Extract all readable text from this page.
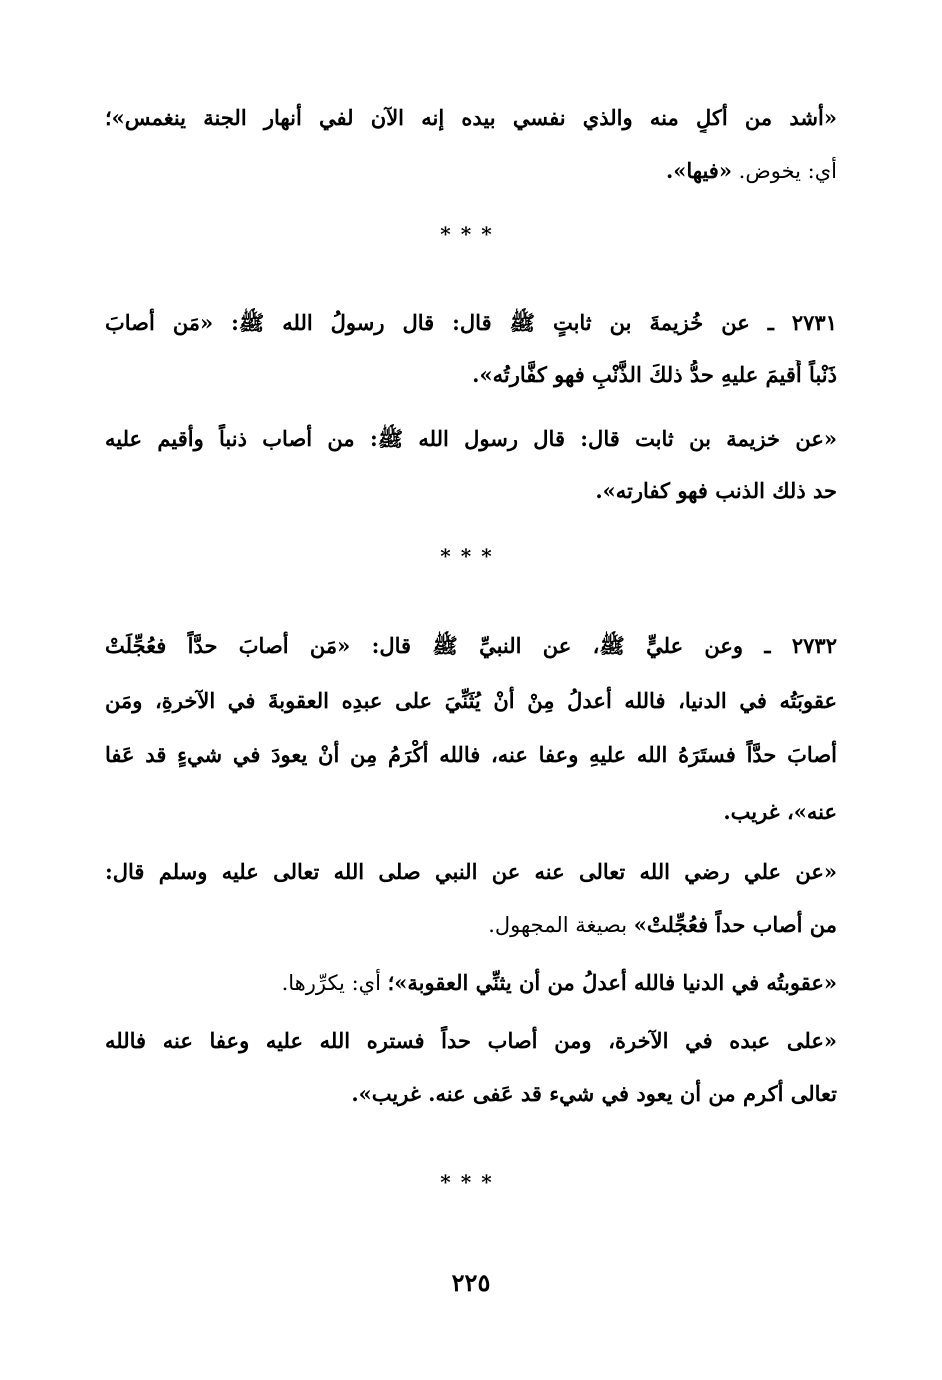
«أشد من أكلٍ منه والذي نفسي بيده إنه الآن لفي أنهار الجنة ينغمس»؛
أي: يخوض. «فيها».
***
٢٧٣١ ـ عن خُزيمةَ بن ثابتٍ ﷺ قال: قال رسولُ الله ﷺ: «مَن أصابَ
ذَنْباً أُقيمَ عليهِ حدُّ ذلكَ الذَّنْبِ فهو كفَّارتُه».
«عن خزيمة بن ثابت قال: قال رسول الله ﷺ: من أصاب ذنباً وأقيم عليه
حد ذلك الذنب فهو كفارته».
***
٢٧٣٢ ـ وعن عليٍّ ﷺ، عن النبيِّ ﷺ قال: «مَن أصابَ حدَّاً فعُجِّلَتْ
عقوبَتُه في الدنيا، فالله أعدلُ مِنْ أنْ يُثَنِّيَ على عبدِه العقوبةَ في الآخرةِ، ومَن
أصابَ حدَّاً فستَرَهُ الله عليهِ وعفا عنه، فالله أكْرَمُ مِن أنْ يعودَ في شيءٍ قد عَفا
عنه»، غريب.
«عن علي رضي الله تعالى عنه عن النبي صلى الله تعالى عليه وسلم قال:
من أصاب حداً فعُجِّلتْ» بصيغة المجهول.
«عقوبتُه في الدنيا فالله أعدلُ من أن يثنِّي العقوبة»؛ أي: يكرِّرها.
«على عبده في الآخرة، ومن أصاب حداً فستره الله عليه وعفا عنه فالله
تعالى أكرم من أن يعود في شيء قد عَفى عنه. غريب».
***
٢٢٥
